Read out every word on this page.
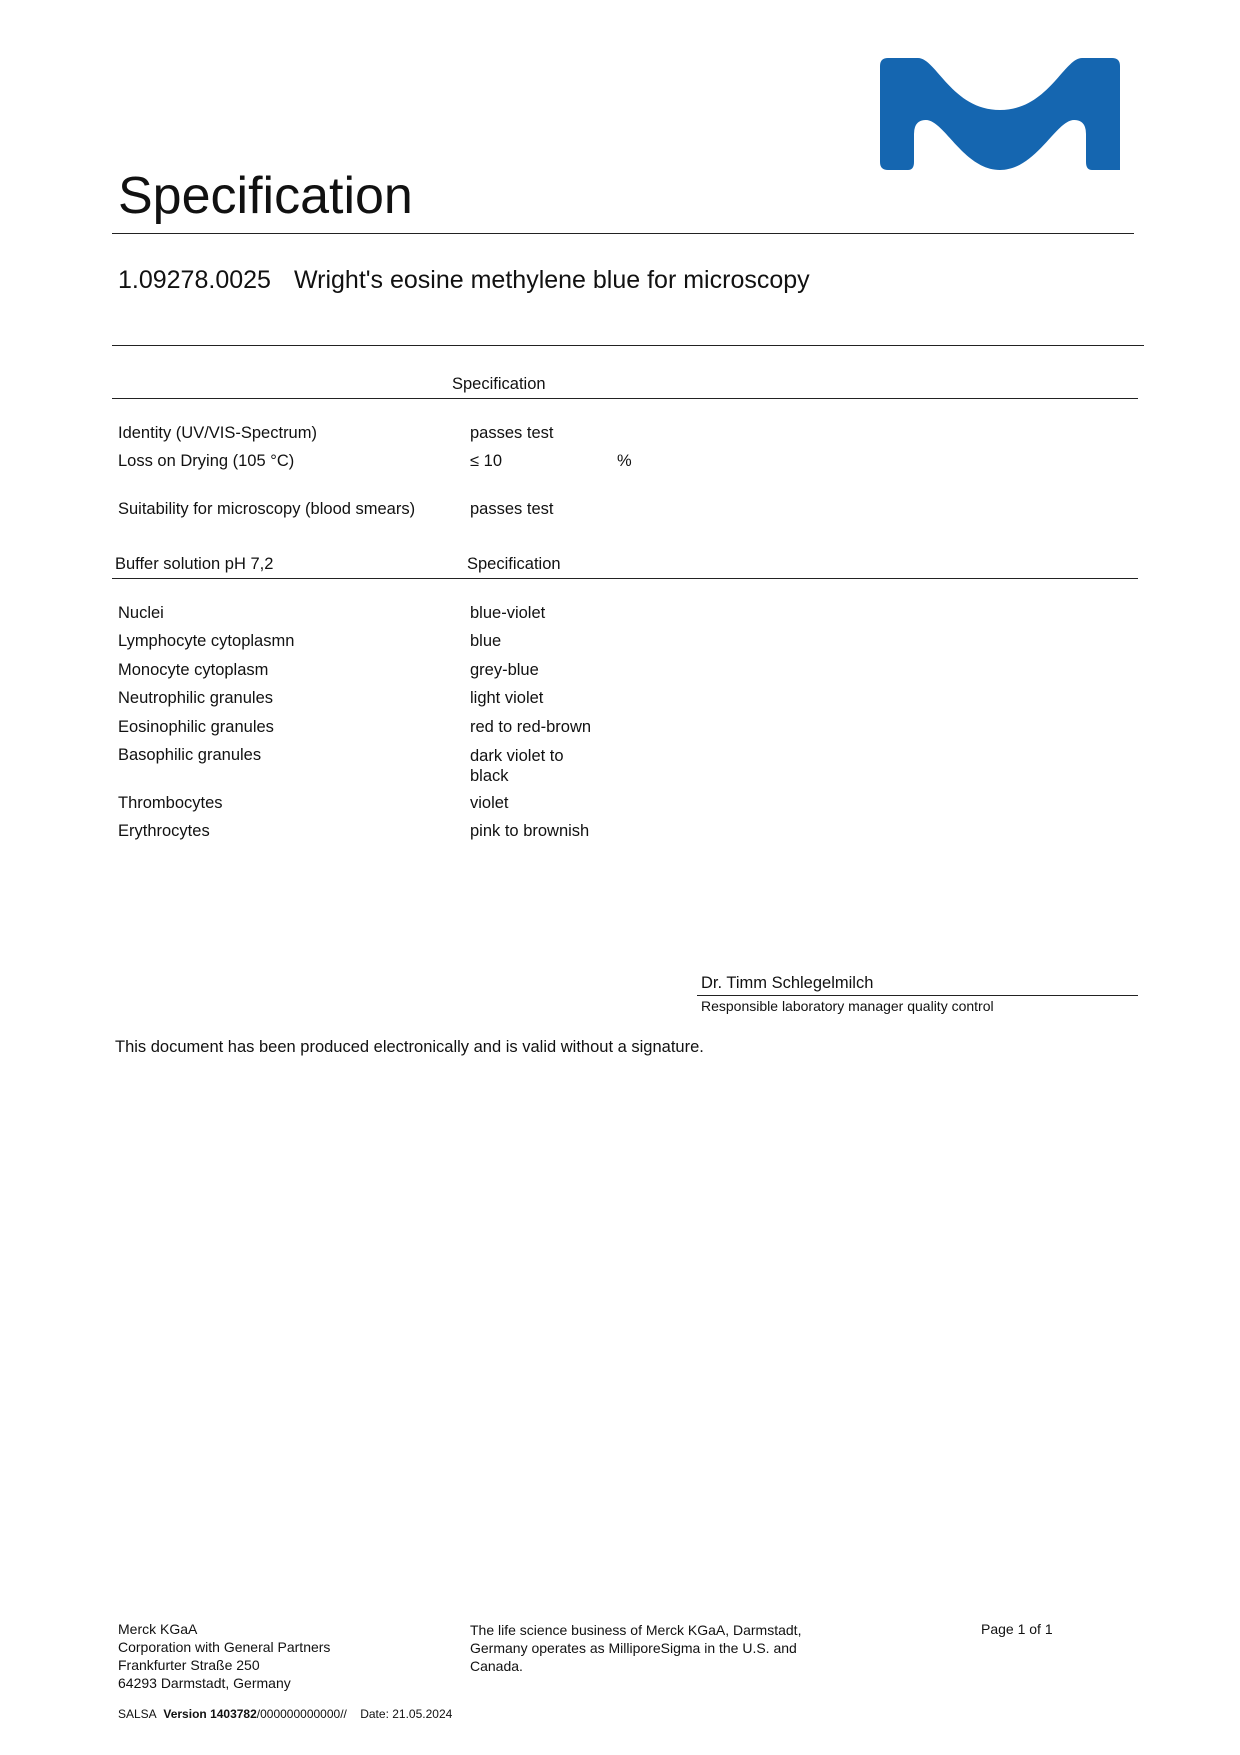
Specification
1.09278.0025 Wright's eosine methylene blue for microscopy
Specification
Identity (UV/VIS-Spectrum)	passes test
Loss on Drying (105 °C)	≤ 10	%
Suitability for microscopy (blood smears)	passes test
Buffer solution pH 7,2	Specification
Nuclei	blue-violet
Lymphocyte cytoplasmn	blue
Monocyte cytoplasm	grey-blue
Neutrophilic granules	light violet
Eosinophilic granules	red to red-brown
Basophilic granules	dark violet to black
Thrombocytes	violet
Erythrocytes	pink to brownish
Dr. Timm Schlegelmilch
Responsible laboratory manager quality control
This document has been produced electronically and is valid without a signature.
Merck KGaA
Corporation with General Partners
Frankfurter Straße 250
64293 Darmstadt, Germany
The life science business of Merck KGaA, Darmstadt, Germany operates as MilliporeSigma in the U.S. and Canada.
Page 1 of 1
SALSA Version 1403782/000000000000// Date: 21.05.2024
